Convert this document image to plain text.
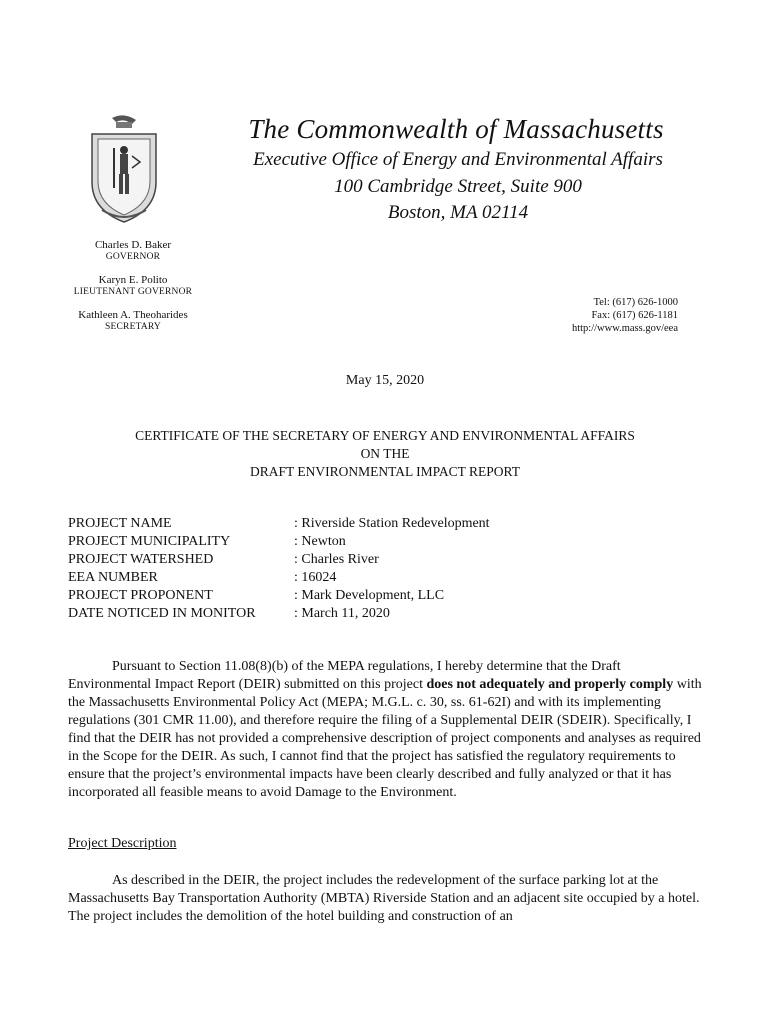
The Commonwealth of Massachusetts
Executive Office of Energy and Environmental Affairs
100 Cambridge Street, Suite 900
Boston, MA 02114
Charles D. Baker
GOVERNOR
Karyn E. Polito
LIEUTENANT GOVERNOR
Kathleen A. Theoharides
SECRETARY
Tel: (617) 626-1000
Fax: (617) 626-1181
http://www.mass.gov/eea
May 15, 2020
CERTIFICATE OF THE SECRETARY OF ENERGY AND ENVIRONMENTAL AFFAIRS
ON THE
DRAFT ENVIRONMENTAL IMPACT REPORT
PROJECT NAME	: Riverside Station Redevelopment
PROJECT MUNICIPALITY	: Newton
PROJECT WATERSHED	: Charles River
EEA NUMBER	: 16024
PROJECT PROPONENT	: Mark Development, LLC
DATE NOTICED IN MONITOR	: March 11, 2020
Pursuant to Section 11.08(8)(b) of the MEPA regulations, I hereby determine that the Draft Environmental Impact Report (DEIR) submitted on this project does not adequately and properly comply with the Massachusetts Environmental Policy Act (MEPA; M.G.L. c. 30, ss. 61-62I) and with its implementing regulations (301 CMR 11.00), and therefore require the filing of a Supplemental DEIR (SDEIR). Specifically, I find that the DEIR has not provided a comprehensive description of project components and analyses as required in the Scope for the DEIR. As such, I cannot find that the project has satisfied the regulatory requirements to ensure that the project’s environmental impacts have been clearly described and fully analyzed or that it has incorporated all feasible means to avoid Damage to the Environment.
Project Description
As described in the DEIR, the project includes the redevelopment of the surface parking lot at the Massachusetts Bay Transportation Authority (MBTA) Riverside Station and an adjacent site occupied by a hotel. The project includes the demolition of the hotel building and construction of an
